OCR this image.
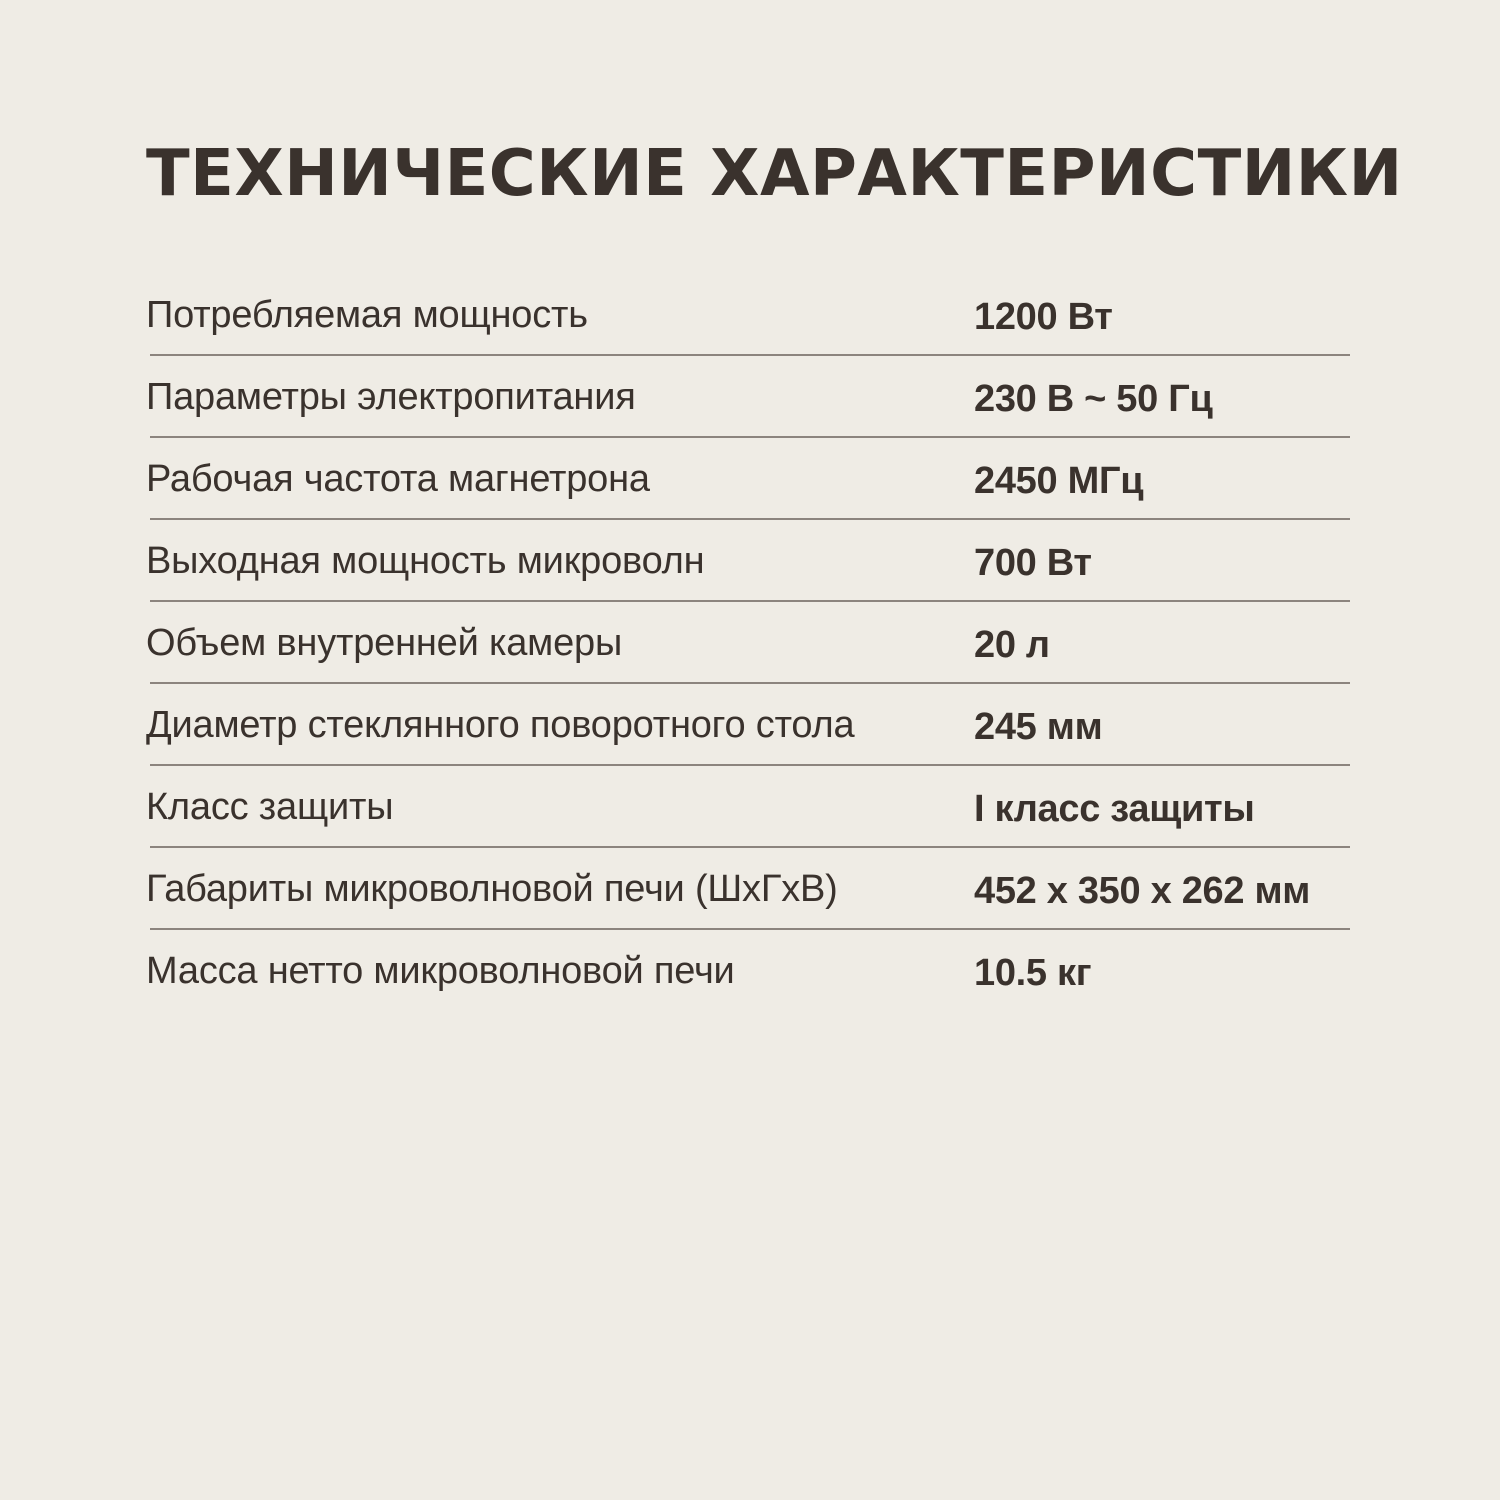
ТЕХНИЧЕСКИЕ ХАРАКТЕРИСТИКИ
Потребляемая мощность	1200 Вт
Параметры электропитания	230 В ~ 50 Гц
Рабочая частота магнетрона	2450 МГц
Выходная мощность микроволн	700 Вт
Объем внутренней камеры	20 л
Диаметр стеклянного поворотного стола	245 мм
Класс защиты	I класс защиты
Габариты микроволновой печи (ШхГхВ)	452 х 350 х 262 мм
Масса нетто микроволновой печи	10.5 кг
